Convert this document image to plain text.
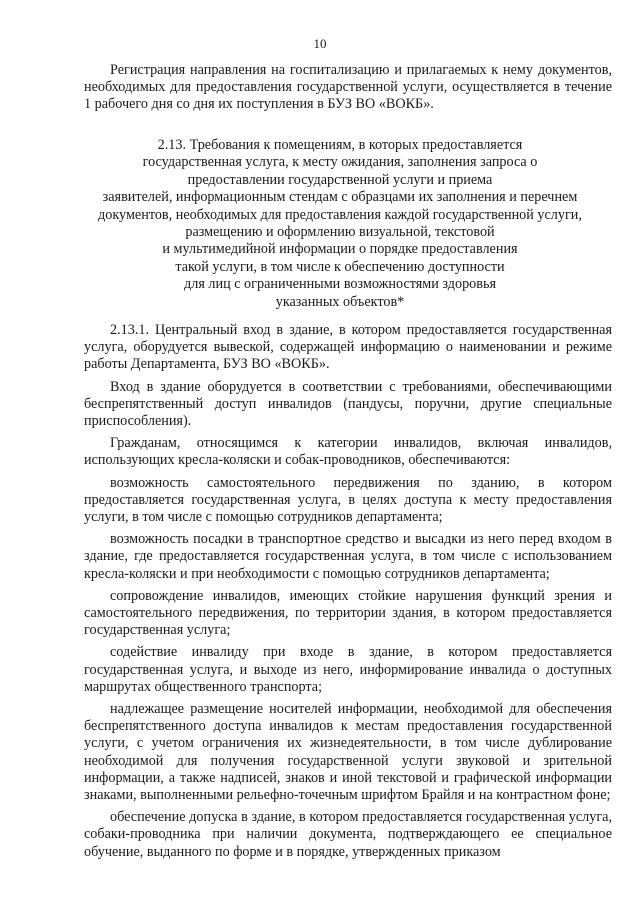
10

Регистрация направления на госпитализацию и прилагаемых к нему документов, необходимых для предоставления государственной услуги, осуществляется в течение 1 рабочего дня со дня их поступления в БУЗ ВО «ВОКБ».

2.13. Требования к помещениям, в которых предоставляется
государственная услуга, к месту ожидания, заполнения запроса о
предоставлении государственной услуги и приема
заявителей, информационным стендам с образцами их заполнения и перечнем
документов, необходимых для предоставления каждой государственной услуги,
размещению и оформлению визуальной, текстовой
и мультимедийной информации о порядке предоставления
такой услуги, в том числе к обеспечению доступности
для лиц с ограниченными возможностями здоровья
указанных объектов*

2.13.1. Центральный вход в здание, в котором предоставляется государственная услуга, оборудуется вывеской, содержащей информацию о наименовании и режиме работы Департамента, БУЗ ВО «ВОКБ».

Вход в здание оборудуется в соответствии с требованиями, обеспечивающими беспрепятственный доступ инвалидов (пандусы, поручни, другие специальные приспособления).

Гражданам, относящимся к категории инвалидов, включая инвалидов, использующих кресла-коляски и собак-проводников, обеспечиваются:

возможность самостоятельного передвижения по зданию, в котором предоставляется государственная услуга, в целях доступа к месту предоставления услуги, в том числе с помощью сотрудников департамента;

возможность посадки в транспортное средство и высадки из него перед входом в здание, где предоставляется государственная услуга, в том числе с использованием кресла-коляски и при необходимости с помощью сотрудников департамента;

сопровождение инвалидов, имеющих стойкие нарушения функций зрения и самостоятельного передвижения, по территории здания, в котором предоставляется государственная услуга;

содействие инвалиду при входе в здание, в котором предоставляется государственная услуга, и выходе из него, информирование инвалида о доступных маршрутах общественного транспорта;

надлежащее размещение носителей информации, необходимой для обеспечения беспрепятственного доступа инвалидов к местам предоставления государственной услуги, с учетом ограничения их жизнедеятельности, в том числе дублирование необходимой для получения государственной услуги звуковой и зрительной информации, а также надписей, знаков и иной текстовой и графической информации знаками, выполненными рельефно-точечным шрифтом Брайля и на контрастном фоне;

обеспечение допуска в здание, в котором предоставляется государственная услуга, собаки-проводника при наличии документа, подтверждающего ее специальное обучение, выданного по форме и в порядке, утвержденных приказом
